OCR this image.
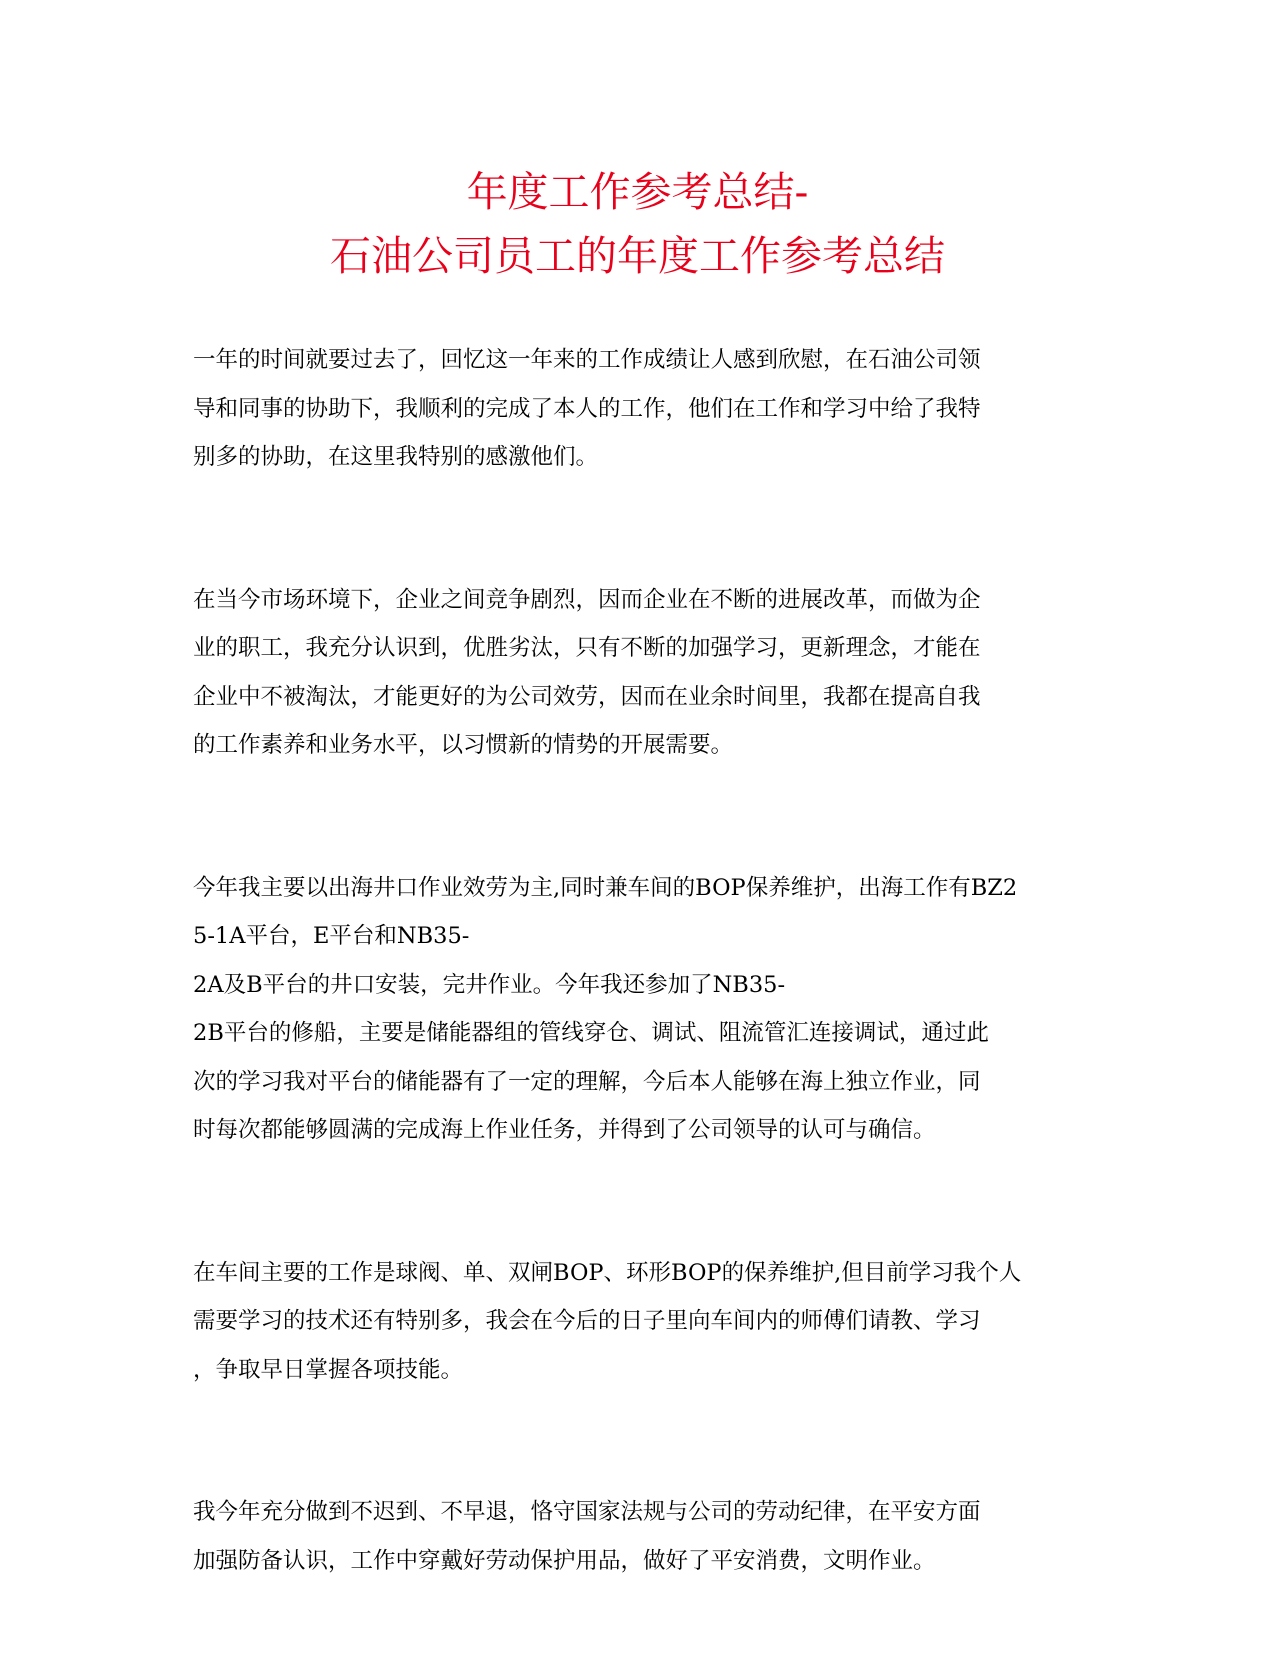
年度工作参考总结-
石油公司员工的年度工作参考总结
一年的时间就要过去了，回忆这一年来的工作成绩让人感到欣慰，在石油公司领
导和同事的协助下，我顺利的完成了本人的工作，他们在工作和学习中给了我特
别多的协助，在这里我特别的感激他们。
在当今市场环境下，企业之间竞争剧烈，因而企业在不断的进展改革，而做为企
业的职工，我充分认识到，优胜劣汰，只有不断的加强学习，更新理念，才能在
企业中不被淘汰，才能更好的为公司效劳，因而在业余时间里，我都在提高自我
的工作素养和业务水平，以习惯新的情势的开展需要。
今年我主要以出海井口作业效劳为主,同时兼车间的BOP保养维护，出海工作有BZ2
5-1A平台，E平台和NB35-
2A及B平台的井口安装，完井作业。今年我还参加了NB35-
2B平台的修船，主要是储能器组的管线穿仓、调试、阻流管汇连接调试，通过此
次的学习我对平台的储能器有了一定的理解，今后本人能够在海上独立作业，同
时每次都能够圆满的完成海上作业任务，并得到了公司领导的认可与确信。
在车间主要的工作是球阀、单、双闸BOP、环形BOP的保养维护,但目前学习我个人
需要学习的技术还有特别多，我会在今后的日子里向车间内的师傅们请教、学习
，争取早日掌握各项技能。
我今年充分做到不迟到、不早退，恪守国家法规与公司的劳动纪律，在平安方面
加强防备认识，工作中穿戴好劳动保护用品，做好了平安消费，文明作业。
